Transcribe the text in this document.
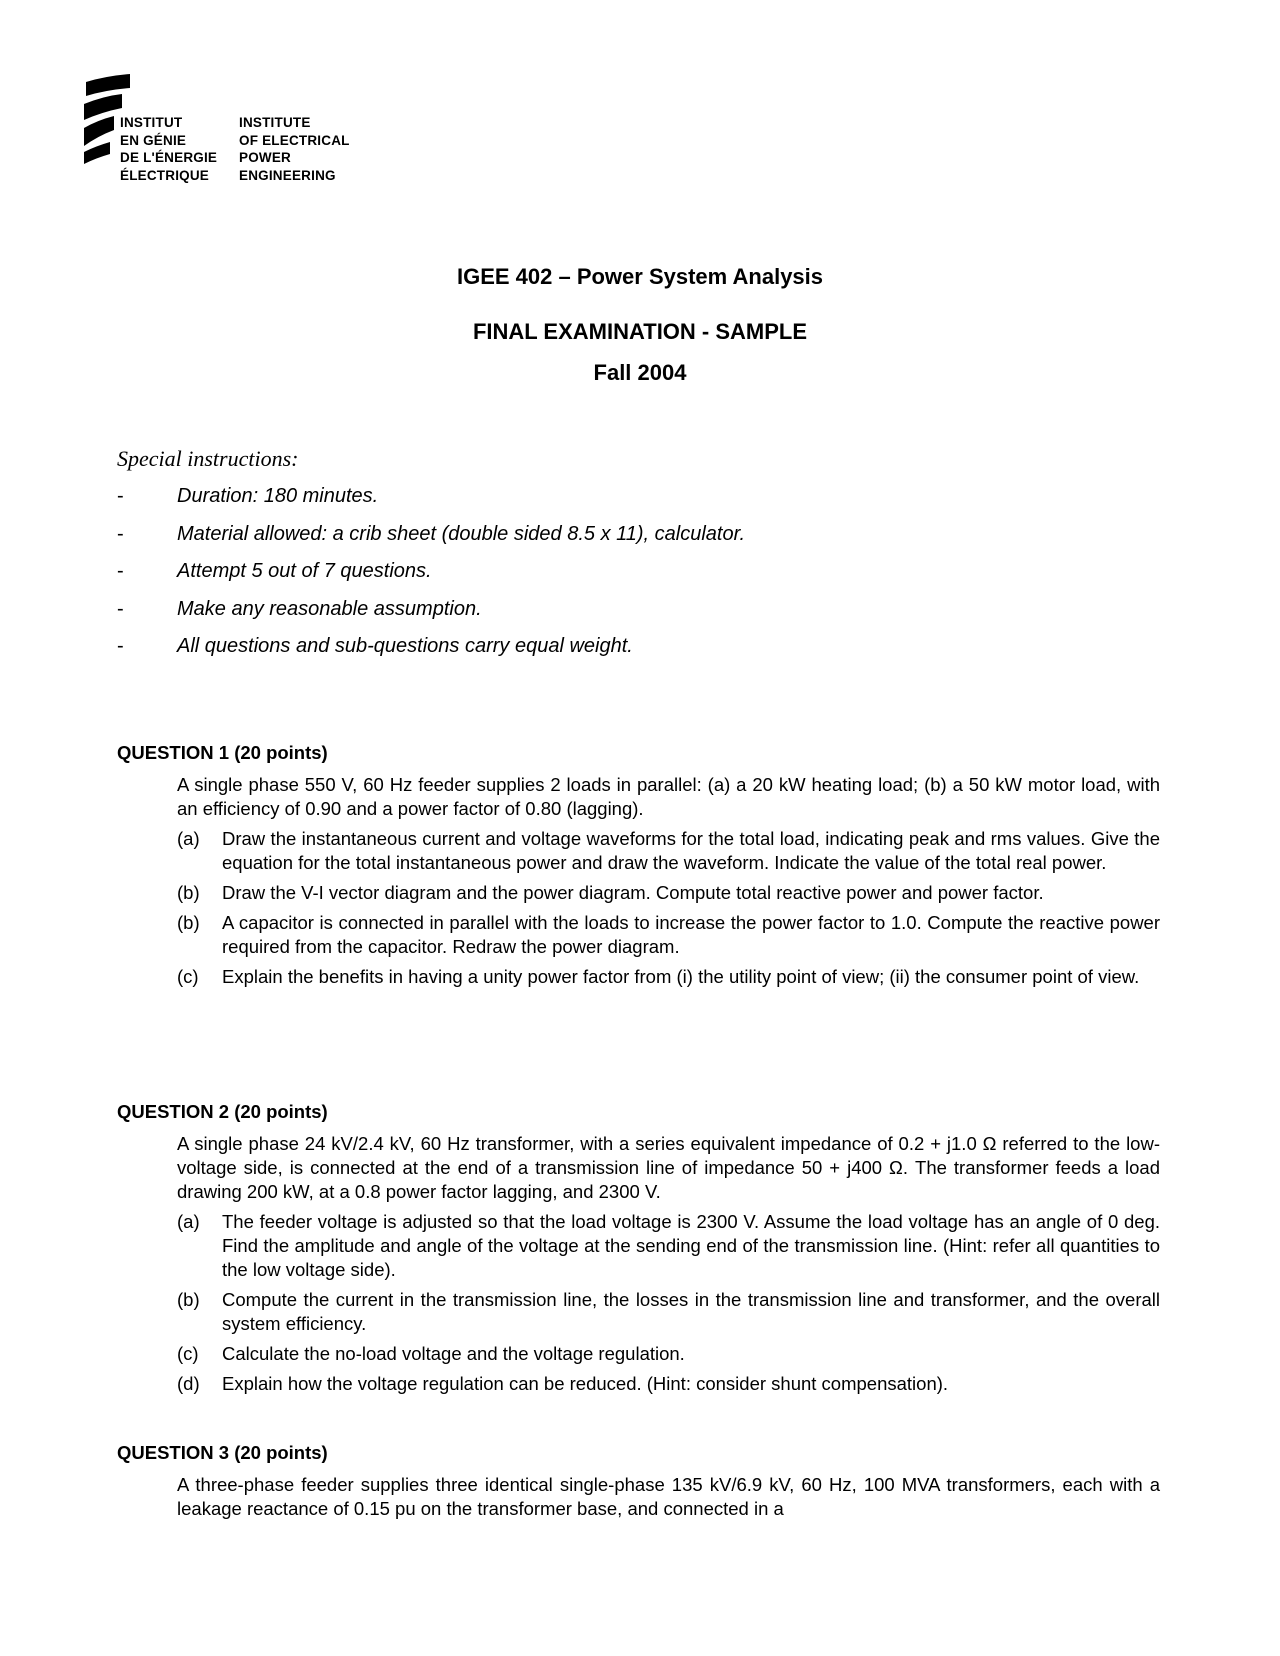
INSTITUT
EN GÉNIE
DE L'ÉNERGIE
ÉLECTRIQUE
INSTITUTE
OF ELECTRICAL
POWER
ENGINEERING
IGEE 402 – Power System Analysis
FINAL EXAMINATION - SAMPLE
Fall 2004
Special instructions:
-	Duration: 180 minutes.
-	Material allowed: a crib sheet (double sided 8.5 x 11), calculator.
-	Attempt 5 out of 7 questions.
-	Make any reasonable assumption.
-	All questions and sub-questions carry equal weight.
QUESTION 1 (20 points)
A single phase 550 V, 60 Hz feeder supplies 2 loads in parallel: (a) a 20 kW heating load; (b) a 50 kW motor load, with an efficiency of 0.90 and a power factor of 0.80 (lagging).
(a)	Draw the instantaneous current and voltage waveforms for the total load, indicating peak and rms values. Give the equation for the total instantaneous power and draw the waveform. Indicate the value of the total real power.
(b)	Draw the V-I vector diagram and the power diagram. Compute total reactive power and power factor.
(b)	A capacitor is connected in parallel with the loads to increase the power factor to 1.0. Compute the reactive power required from the capacitor. Redraw the power diagram.
(c)	Explain the benefits in having a unity power factor from (i) the utility point of view; (ii) the consumer point of view.
QUESTION 2 (20 points)
A single phase 24 kV/2.4 kV, 60 Hz transformer, with a series equivalent impedance of 0.2 + j1.0 Ω referred to the low-voltage side, is connected at the end of a transmission line of impedance 50 + j400 Ω. The transformer feeds a load drawing 200 kW, at a 0.8 power factor lagging, and 2300 V.
(a)	The feeder voltage is adjusted so that the load voltage is 2300 V. Assume the load voltage has an angle of 0 deg. Find the amplitude and angle of the voltage at the sending end of the transmission line. (Hint: refer all quantities to the low voltage side).
(b)	Compute the current in the transmission line, the losses in the transmission line and transformer, and the overall system efficiency.
(c)	Calculate the no-load voltage and the voltage regulation.
(d)	Explain how the voltage regulation can be reduced. (Hint: consider shunt compensation).
QUESTION 3 (20 points)
A three-phase feeder supplies three identical single-phase 135 kV/6.9 kV, 60 Hz, 100 MVA transformers, each with a leakage reactance of 0.15 pu on the transformer base, and connected in a
